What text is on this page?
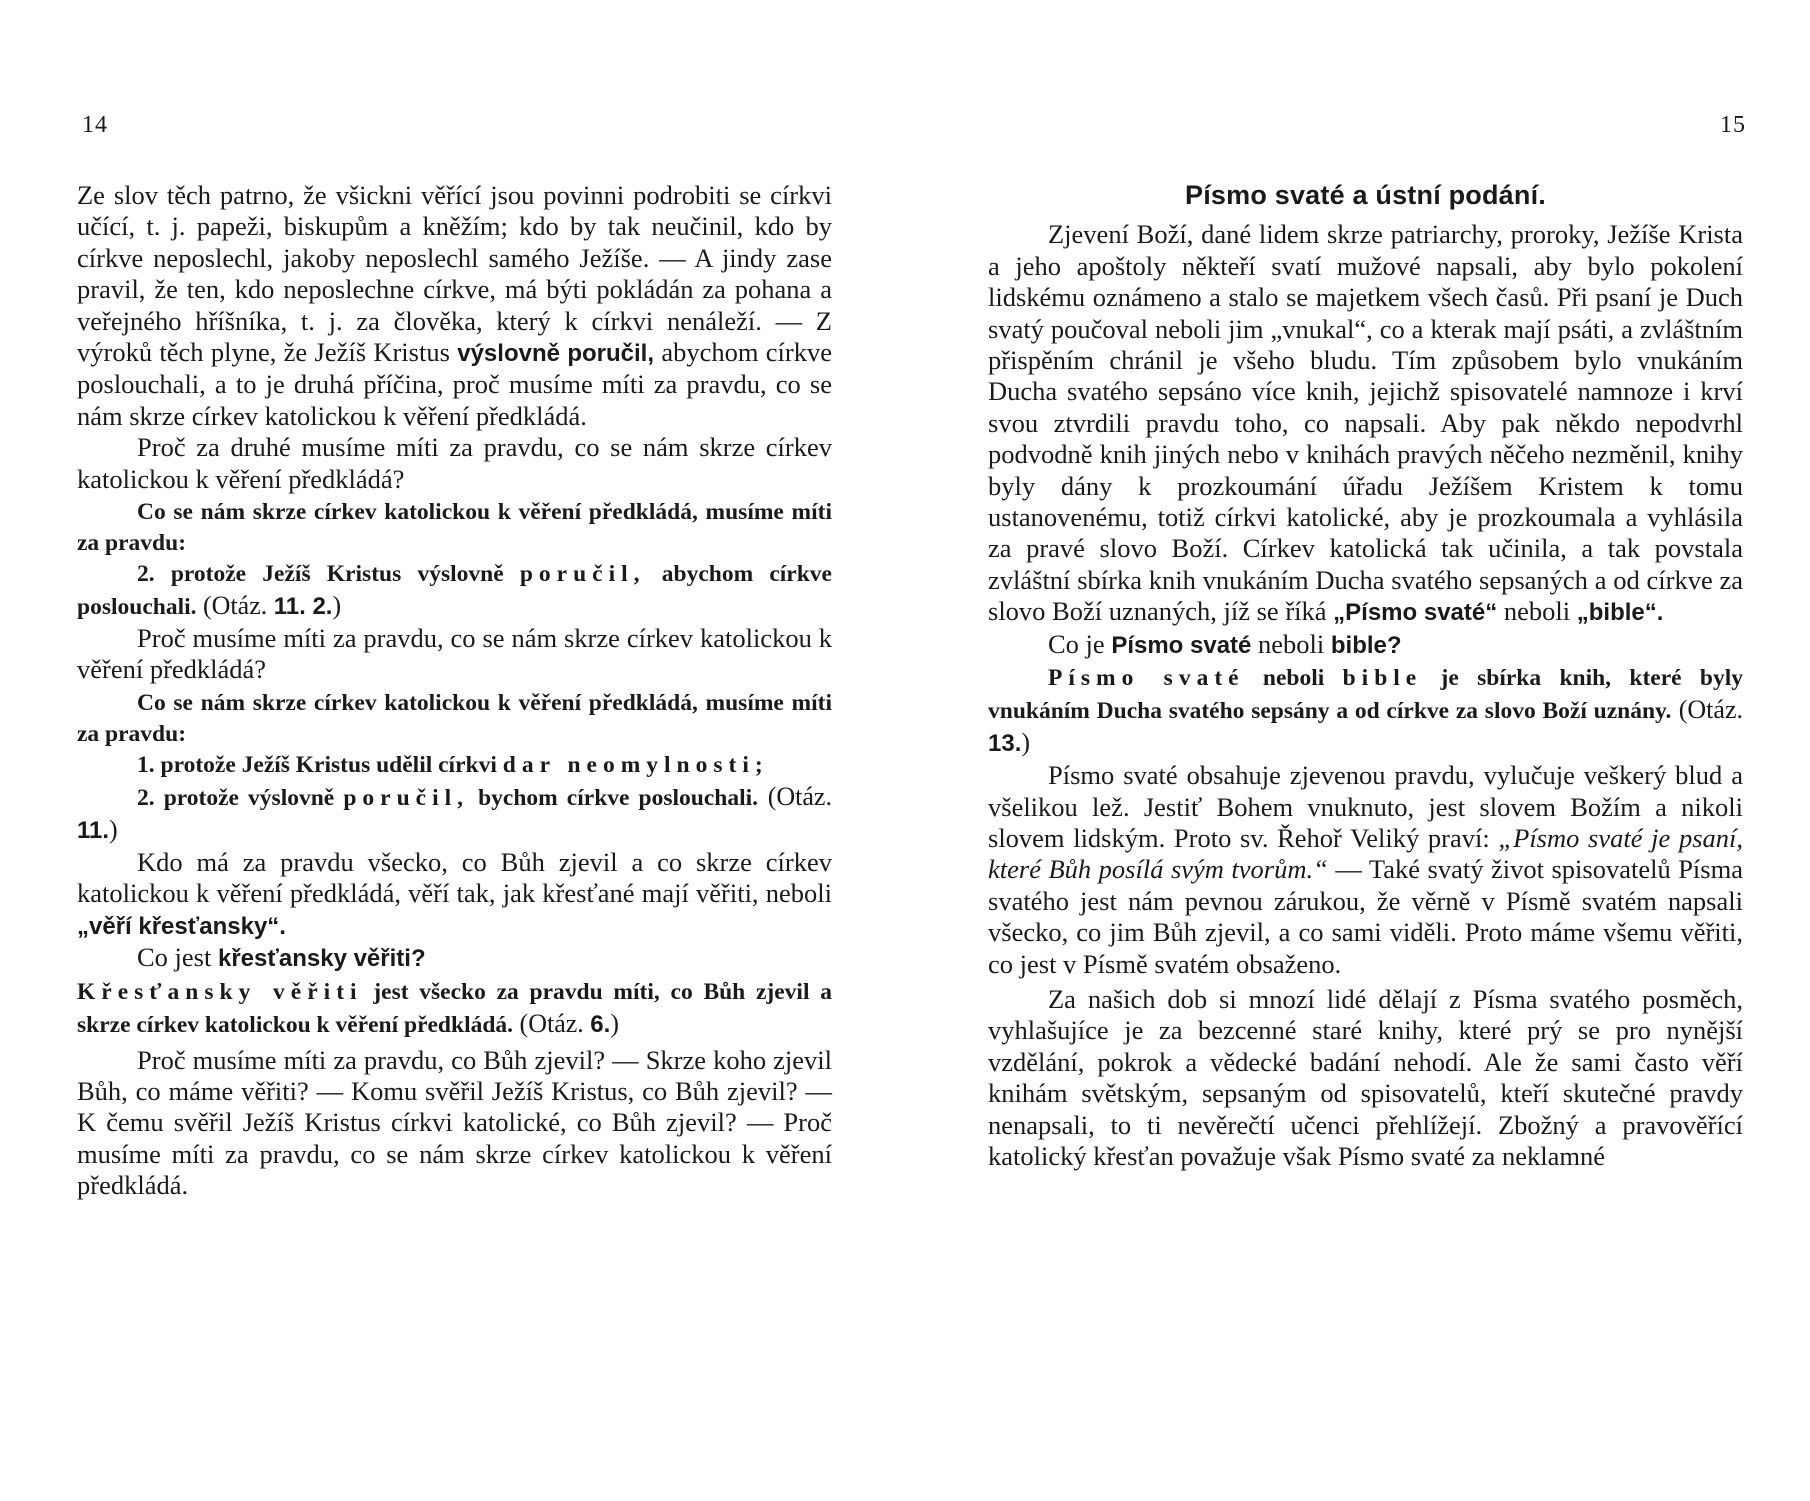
14

Ze slov těch patrno, že všickni věřící jsou povinni podrobiti se církvi učící, t. j. papeži, biskupům a kněžím; kdo by tak neučinil, kdo by církve neposlechl, jakoby neposlechl samého Ježíše. — A jindy zase pravil, že ten, kdo neposlechne církve, má býti pokládán za pohana a veřejného hříšníka, t. j. za člověka, který k církvi nenáleží. — Z výroků těch plyne, že Ježíš Kristus výslovně poručil, abychom církve poslouchali, a to je druhá příčina, proč musíme míti za pravdu, co se nám skrze církev katolickou k věření předkládá.

Proč za druhé musíme míti za pravdu, co se nám skrze církev katolickou k věření předkládá?

Co se nám skrze církev katolickou k věření předkládá, musíme míti za pravdu:

2. protože Ježíš Kristus výslovně poručil, abychom církve poslouchali. (Otáz. 11. 2.)

Proč musíme míti za pravdu, co se nám skrze církev katolickou k věření předkládá?

Co se nám skrze církev katolickou k věření předkládá, musíme míti za pravdu:

1. protože Ježíš Kristus udělil církvi dar neomylnosti;

2. protože výslovně poručil, bychom církve poslouchali. (Otáz. 11.)

Kdo má za pravdu všecko, co Bůh zjevil a co skrze církev katolickou k věření předkládá, věří tak, jak křesťané mají věřiti, neboli „věří křesťansky“.

Co jest křesťansky věřiti?

Křesťansky věřiti jest všecko za pravdu míti, co Bůh zjevil a skrze církev katolickou k věření předkládá. (Otáz. 6.)

Proč musíme míti za pravdu, co Bůh zjevil? — Skrze koho zjevil Bůh, co máme věřiti? — Komu svěřil Ježíš Kristus, co Bůh zjevil? — K čemu svěřil Ježíš Kristus církvi katolické, co Bůh zjevil? — Proč musíme míti za pravdu, co se nám skrze církev katolickou k věření předkládá.

15

Písmo svaté a ústní podání.

Zjevení Boží, dané lidem skrze patriarchy, proroky, Ježíše Krista a jeho apoštoly někteří svatí mužové napsali, aby bylo pokolení lidskému oznámeno a stalo se majetkem všech časů. Při psaní je Duch svatý poučoval neboli jim „vnukal“, co a kterak mají psáti, a zvláštním přispěním chránil je všeho bludu. Tím způsobem bylo vnukáním Ducha svatého sepsáno více knih, jejichž spisovatelé namnoze i krví svou ztvrdili pravdu toho, co napsali. Aby pak někdo nepodvrhl podvodně knih jiných nebo v knihách pravých něčeho nezměnil, knihy byly dány k prozkoumání úřadu Ježíšem Kristem k tomu ustanovenému, totiž církvi katolické, aby je prozkoumala a vyhlásila za pravé slovo Boží. Církev katolická tak učinila, a tak povstala zvláštní sbírka knih vnukáním Ducha svatého sepsaných a od církve za slovo Boží uznaných, jíž se říká „Písmo svaté“ neboli „bible“.

Co je Písmo svaté neboli bible?

Písmo svaté neboli bible je sbírka knih, které byly vnukáním Ducha svatého sepsány a od církve za slovo Boží uznány. (Otáz. 13.)

Písmo svaté obsahuje zjevenou pravdu, vylučuje veškerý blud a všelikou lež. Jestiť Bohem vnuknuto, jest slovem Božím a nikoli slovem lidským. Proto sv. Řehoř Veliký praví: „Písmo svaté je psaní, které Bůh posílá svým tvorům.“ — Také svatý život spisovatelů Písma svatého jest nám pevnou zárukou, že věrně v Písmě svatém napsali všecko, co jim Bůh zjevil, a co sami viděli. Proto máme všemu věřiti, co jest v Písmě svatém obsaženo.

Za našich dob si mnozí lidé dělají z Písma svatého posměch, vyhlašujíce je za bezcenné staré knihy, které prý se pro nynější vzdělání, pokrok a vědecké badání nehodí. Ale že sami často věří knihám světským, sepsaným od spisovatelů, kteří skutečné pravdy nenapsali, to ti nevěrečtí učenci přehlížejí. Zbožný a pravověřící katolický křesťan považuje však Písmo svaté za neklamné
